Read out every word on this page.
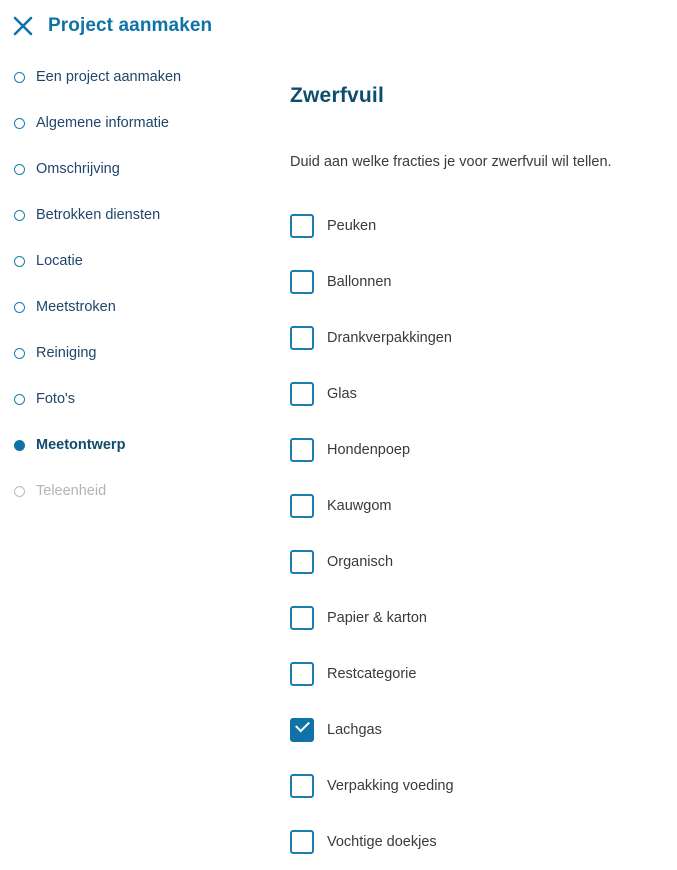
Project aanmaken
Een project aanmaken
Algemene informatie
Omschrijving
Betrokken diensten
Locatie
Meetstroken
Reiniging
Foto's
Meetontwerp
Teleenheid
Zwerfvuil

Duid aan welke fracties je voor zwerfvuil wil tellen.

Peuken
Ballonnen
Drankverpakkingen
Glas
Hondenpoep
Kauwgom
Organisch
Papier & karton
Restcategorie
Lachgas
Verpakking voeding
Vochtige doekjes
